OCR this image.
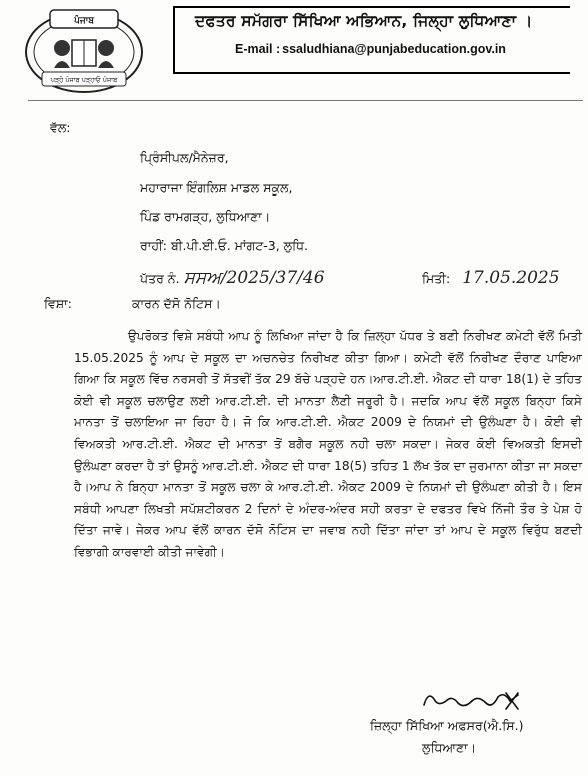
ਪੰਜਾਬ
ਪੜ੍ਹੋ ਪੰਜਾਬ ਪੜ੍ਹਾਓ ਪੰਜਾਬ
ਦਫਤਰ ਸਮੱਗਰਾ ਸਿੱਖਿਆ ਅਭਿਆਨ, ਜਿਲ੍ਹਾ ਲੁਧਿਆਣਾ ।
E-mail : ssaludhiana@punjabeducation.gov.in
ਵੱਲ:
ਪ੍ਰਿੰਸੀਪਲ/ਮੈਨੇਜ਼ਰ,
ਮਹਾਰਾਜਾ ਇੰਗਲਿਸ਼ ਮਾਡਲ ਸਕੂਲ,
ਪਿੰਡ ਰਾਮਗੜ੍ਹ, ਲੁਧਿਆਣਾ।
ਰਾਹੀਂ: ਬੀ.ਪੀ.ਈ.ਓ. ਮਾਂਗਟ-3, ਲੁਧਿ.
ਪੱਤਰ ਨੰ. ਸਸਅ/2025/37/46	ਮਿਤੀ: 17.05.2025
ਵਿਸ਼ਾ:	ਕਾਰਨ ਦੱਸੋ ਨੋਟਿਸ।
ਉਪਰੋਕਤ ਵਿਸ਼ੇ ਸਬੰਧੀ ਆਪ ਨੂੰ ਲਿਖਿਆ ਜਾਂਦਾ ਹੈ ਕਿ ਜ਼ਿਲ੍ਹਾ ਪੱਧਰ ਤੇ ਬਣੀ ਨਿਰੀਖਣ ਕਮੇਟੀ ਵੱਲੋਂ ਮਿਤੀ 15.05.2025 ਨੂੰ ਆਪ ਦੇ ਸਕੂਲ ਦਾ ਅਚਨਚੇਤ ਨਿਰੀਖਣ ਕੀਤਾ ਗਿਆ। ਕਮੇਟੀ ਵੱਲੋਂ ਨਿਰੀਖਣ ਦੌਰਾਣ ਪਾਇਆ ਗਿਆ ਕਿ ਸਕੂਲ ਵਿੱਚ ਨਰਸਰੀ ਤੋਂ ਸੱਤਵੀਂ ਤੱਕ 29 ਬੱਚੇ ਪੜ੍ਹਦੇ ਹਨ।ਆਰ.ਟੀ.ਈ. ਐਕਟ ਦੀ ਧਾਰਾ 18(1) ਦੇ ਤਹਿਤ ਕੋਈ ਵੀ ਸਕੂਲ ਚਲਾਉਣ ਲਈ ਆਰ.ਟੀ.ਈ. ਦੀ ਮਾਨਤਾ ਲੈਣੀ ਜਰੂਰੀ ਹੈ। ਜਦਕਿ ਆਪ ਵੱਲੋਂ ਸਕੂਲ ਬਿਨ੍ਹਾ ਕਿਸੇ ਮਾਨਤਾ ਤੋਂ ਚਲਾਇਆ ਜਾ ਰਿਹਾ ਹੈ। ਜੋ ਕਿ ਆਰ.ਟੀ.ਈ. ਐਕਟ 2009 ਦੇ ਨਿਯਮਾਂ ਦੀ ਉਲੰਘਣਾ ਹੈ। ਕੋਈ ਵੀ ਵਿਅਕਤੀ ਆਰ.ਟੀ.ਈ. ਐਕਟ ਦੀ ਮਾਨਤਾ ਤੋਂ ਬਗੈਰ ਸਕੂਲ ਨਹੀ ਚਲਾ ਸਕਦਾ। ਜੇਕਰ ਕੋਈ ਵਿਅਕਤੀ ਇਸਦੀ ਉਲੰਘਣਾ ਕਰਦਾ ਹੈ ਤਾਂ ਉਸਨੂੰ ਆਰ.ਟੀ.ਈ. ਐਕਟ ਦੀ ਧਾਰਾ 18(5) ਤਹਿਤ 1 ਲੱਖ ਤੱਕ ਦਾ ਜੁਰਮਾਨਾ ਕੀਤਾ ਜਾ ਸਕਦਾ ਹੈ।ਆਪ ਨੇ ਬਿਨ੍ਹਾ ਮਾਨਤਾ ਤੋਂ ਸਕੂਲ ਚਲਾ ਕੇ ਆਰ.ਟੀ.ਈ. ਐਕਟ 2009 ਦੇ ਨਿਯਮਾਂ ਦੀ ਉਲੰਘਣਾ ਕੀਤੀ ਹੈ। ਇਸ ਸਬੰਧੀ ਆਪਣਾ ਲਿਖਤੀ ਸਪੱਸ਼ਟੀਕਰਨ 2 ਦਿਨਾਂ ਦੇ ਅੰਦਰ-ਅੰਦਰ ਸਹੀ ਕਰਤਾ ਦੇ ਦਫਤਰ ਵਿਖੇ ਨਿੱਜੀ ਤੌਰ ਤੇ ਪੇਸ਼ ਹੋ ਦਿੱਤਾ ਜਾਵੇ। ਜੇਕਰ ਆਪ ਵੱਲੋਂ ਕਾਰਨ ਦੱਸੋ ਨੋਟਿਸ ਦਾ ਜਵਾਬ ਨਹੀ ਦਿੱਤਾ ਜਾਂਦਾ ਤਾਂ ਆਪ ਦੇ ਸਕੂਲ ਵਿਰੁੱਧ ਬਣਦੀ ਵਿਭਾਗੀ ਕਾਰਵਾਈ ਕੀਤੀ ਜਾਵੇਗੀ।
ਜ਼ਿਲ੍ਹਾ ਸਿੱਖਿਆ ਅਫਸਰ(ਐ.ਸਿ.)
ਲੁਧਿਆਣਾ।
